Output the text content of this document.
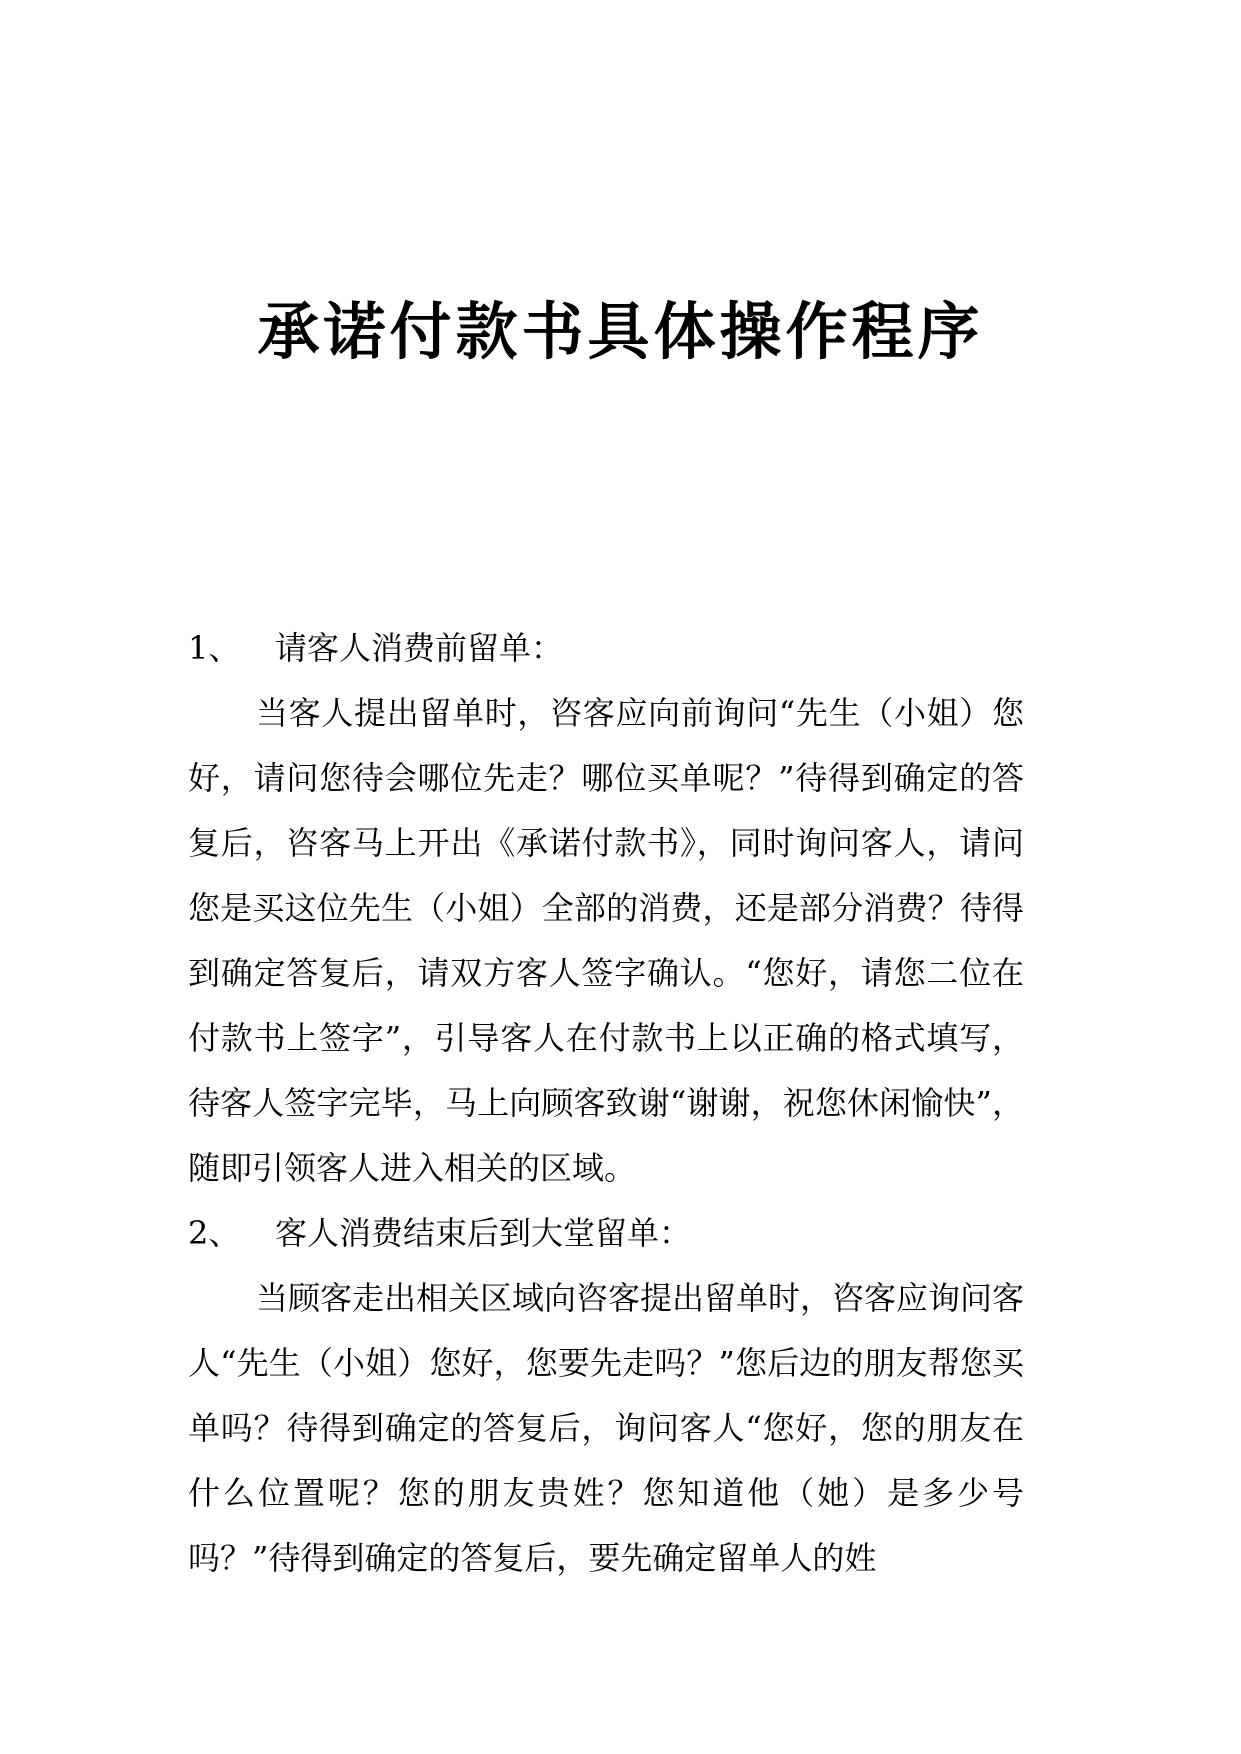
承诺付款书具体操作程序
1、	请客人消费前留单：

当客人提出留单时，咨客应向前询问“先生（小姐）您好，请问您待会哪位先走？哪位买单呢？”待得到确定的答复后，咨客马上开出《承诺付款书》，同时询问客人，请问您是买这位先生（小姐）全部的消费，还是部分消费？待得到确定答复后，请双方客人签字确认。“您好，请您二位在付款书上签字”，引导客人在付款书上以正确的格式填写，待客人签字完毕，马上向顾客致谢“谢谢，祝您休闲愉快”，随即引领客人进入相关的区域。

2、	客人消费结束后到大堂留单：

当顾客走出相关区域向咨客提出留单时，咨客应询问客人“先生（小姐）您好，您要先走吗？”您后边的朋友帮您买单吗？待得到确定的答复后，询问客人“您好，您的朋友在什么位置呢？您的朋友贵姓？您知道他（她）是多少号吗？”待得到确定的答复后，要先确定留单人的姓
